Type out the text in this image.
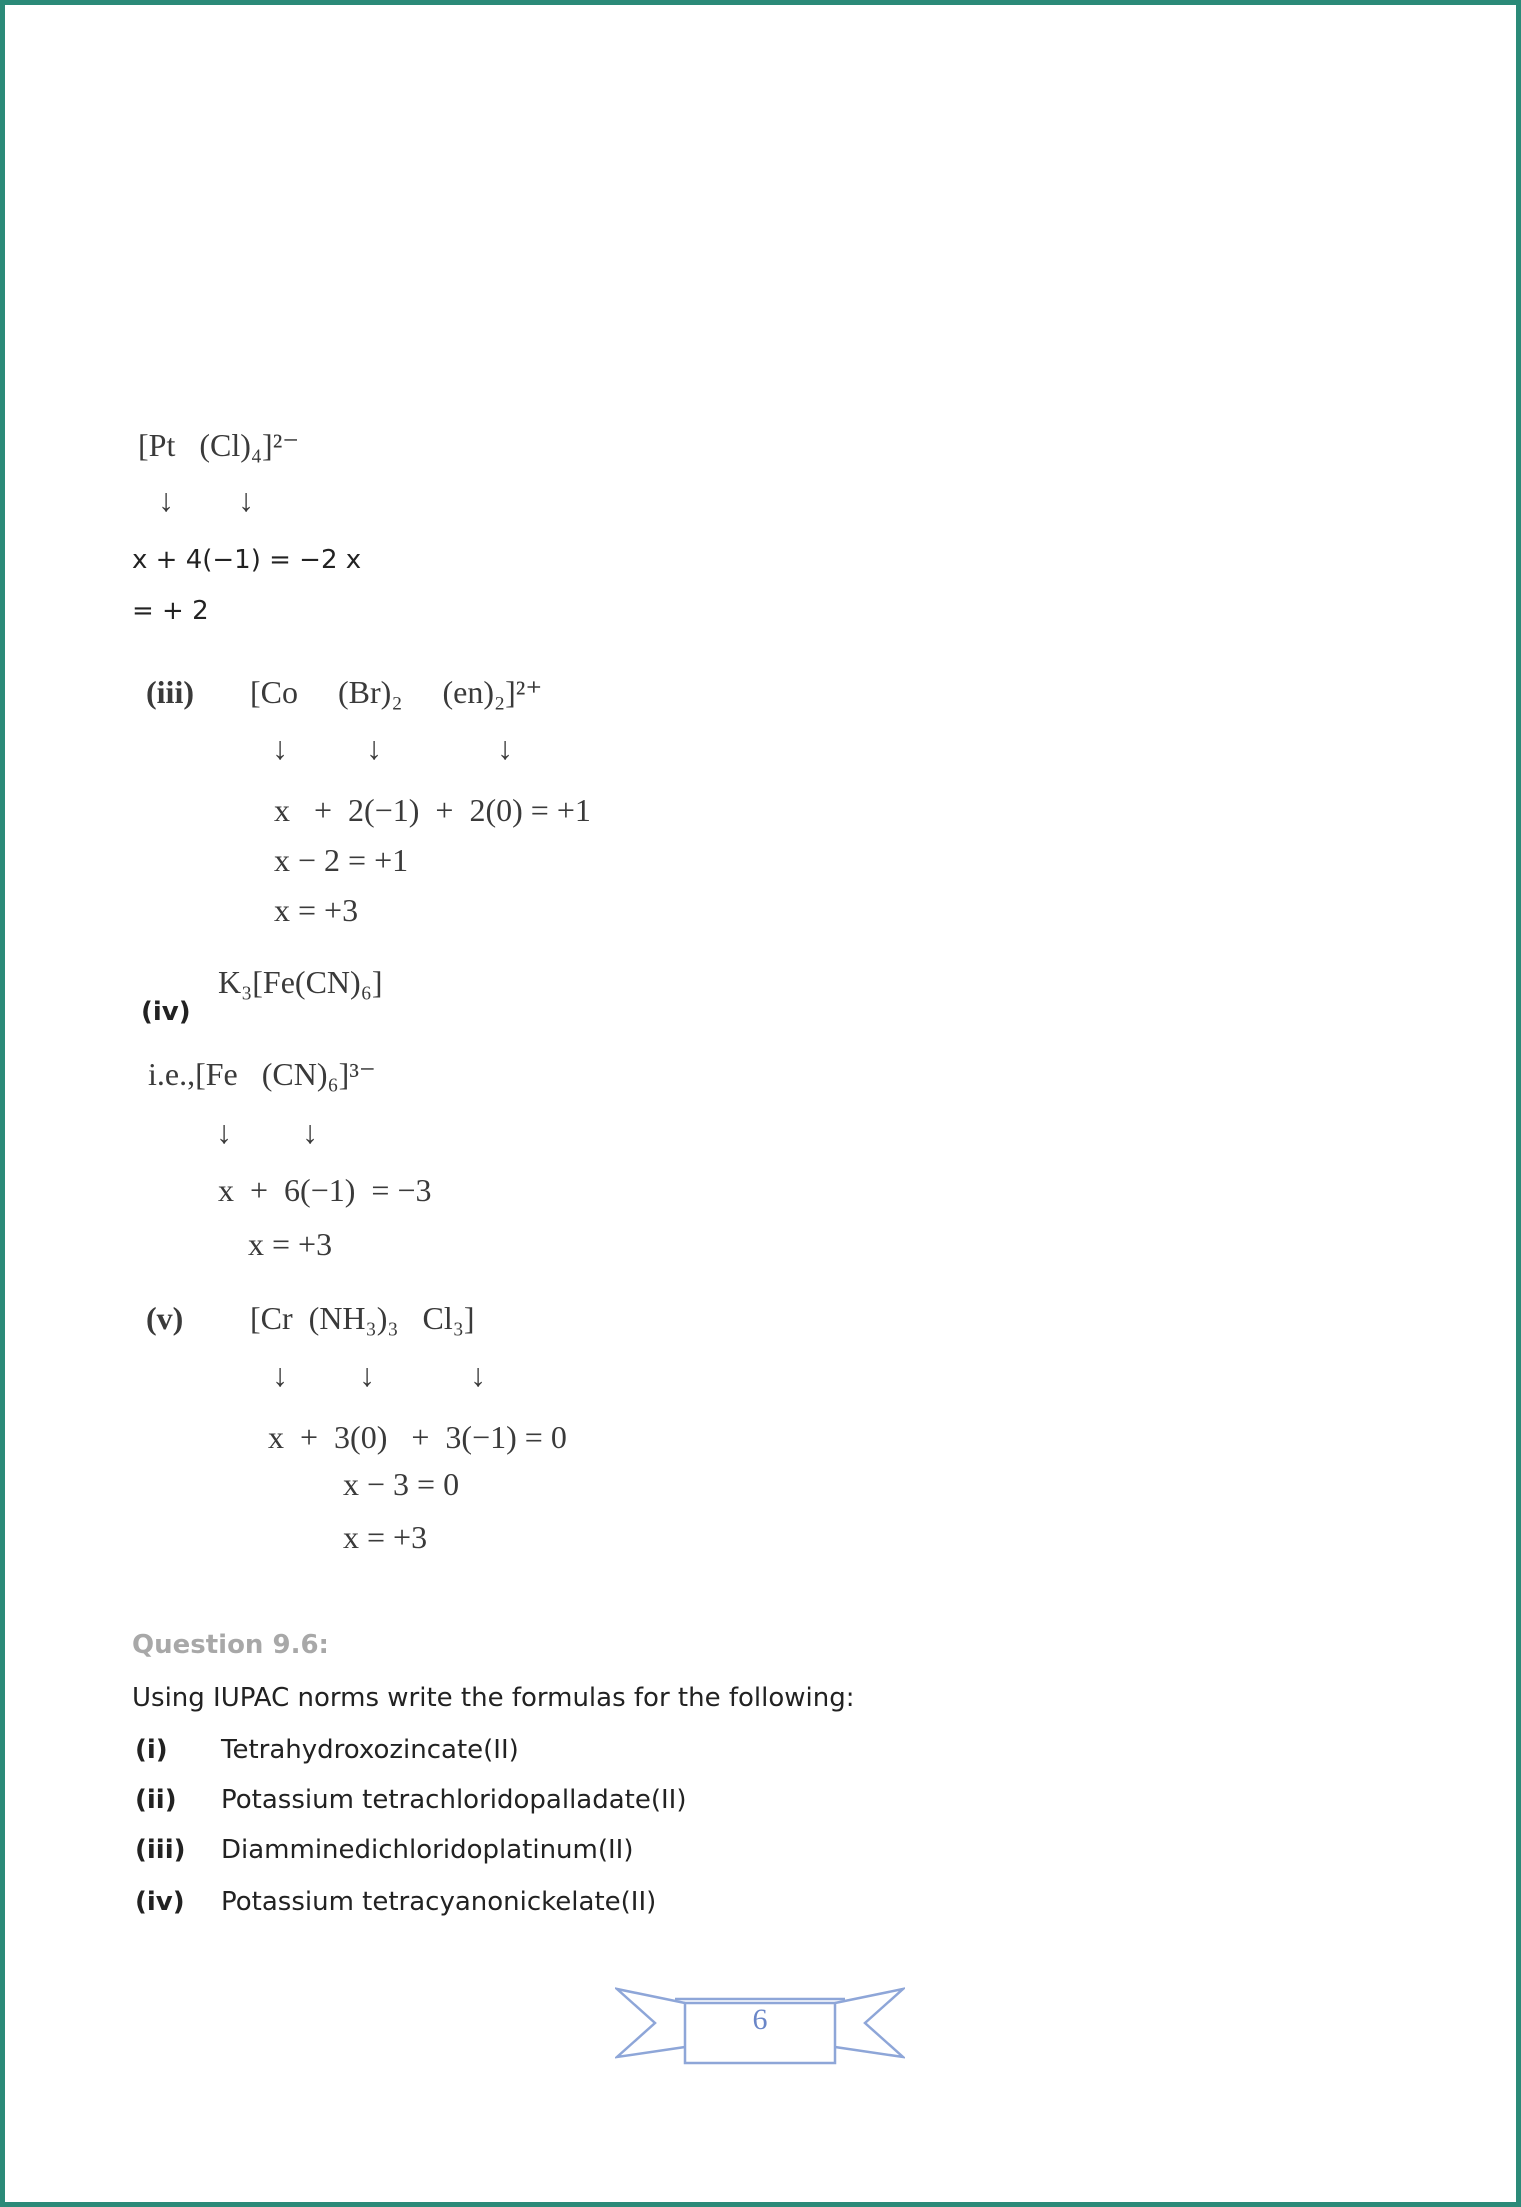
[Pt   (Cl)₄]²⁻
↓ ↓
x + 4(−1) = −2 x
= + 2
(iii) [Co     (Br)₂     (en)₂]²⁺
↓ ↓	↓
x   +  2(−1)  +  2(0) = +1
x − 2 = +1
x = +3
(iv)
K₃[Fe(CN)₆]
i.e.,[Fe   (CN)₆]³⁻
↓ ↓
x  +  6(−1)  = −3
x = +3
(v) [Cr  (NH₃)₃   Cl₃]
↓ ↓	↓
x  +  3(0)   +  3(−1) = 0
x − 3 = 0
x = +3
Question 9.6:
Using IUPAC norms write the formulas for the following:
(i) Tetrahydroxozincate(II)
(ii) Potassium tetrachloridopalladate(II)
(iii) Diamminedichloridoplatinum(II)
(iv) Potassium tetracyanonickelate(II)
6
